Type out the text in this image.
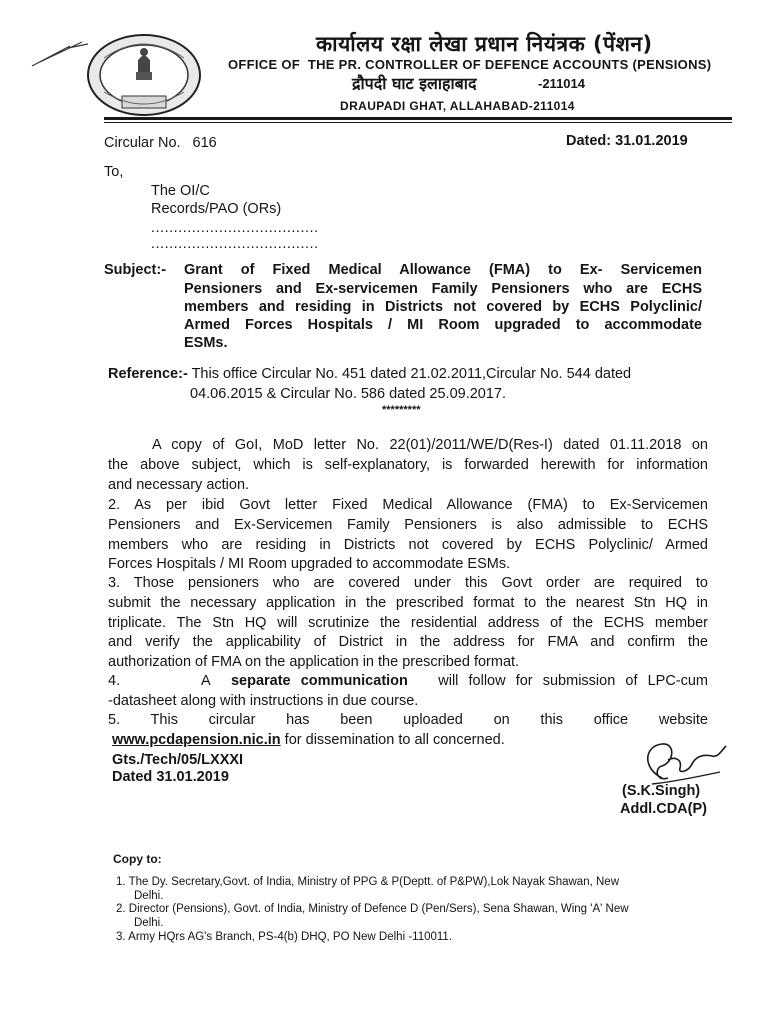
कार्यालय रक्षा लेखा प्रधान नियंत्रक (पेंशन)
OFFICE OF THE PR. CONTROLLER OF DEFENCE ACCOUNTS (PENSIONS)
द्रौपदी घाट इलाहाबाद	-211014
DRAUPADI GHAT, ALLAHABAD-211014
Circular No. 616	Dated: 31.01.2019
To,
The OI/C
Records/PAO (ORs)
.....................................
.....................................
Subject:- Grant of Fixed Medical Allowance (FMA) to Ex- Servicemen
Pensioners and Ex-servicemen Family Pensioners who are ECHS
members and residing in Districts not covered by ECHS Polyclinic/
Armed Forces Hospitals / MI Room upgraded to accommodate
ESMs.
Reference:- This office Circular No. 451 dated 21.02.2011,Circular No. 544 dated
04.06.2015 & Circular No. 586 dated 25.09.2017.
*********
A copy of GoI, MoD letter No. 22(01)/2011/WE/D(Res-I) dated 01.11.2018 on
the above subject, which is self-explanatory, is forwarded herewith for information
and necessary action.
2. As per ibid Govt letter Fixed Medical Allowance (FMA) to Ex-Servicemen
Pensioners and Ex-Servicemen Family Pensioners is also admissible to ECHS
members who are residing in Districts not covered by ECHS Polyclinic/ Armed
Forces Hospitals / MI Room upgraded to accommodate ESMs.
3. Those pensioners who are covered under this Govt order are required to
submit the necessary application in the prescribed format to the nearest Stn HQ in
triplicate. The Stn HQ will scrutinize the residential address of the ECHS member
and verify the applicability of District in the address for FMA and confirm the
authorization of FMA on the application in the prescribed format.
4.	A separate communication will follow for submission of LPC-cum
-datasheet along with instructions in due course.
5. This circular has been uploaded on this office website
www.pcdapension.nic.in for dissemination to all concerned.
Gts./Tech/05/LXXXI
Dated 31.01.2019
(S.K.Singh)
Addl.CDA(P)
Copy to:
1. The Dy. Secretary,Govt. of India, Ministry of PPG & P(Deptt. of P&PW),Lok Nayak Shawan, New
Delhi.
2. Director (Pensions), Govt. of India, Ministry of Defence D (Pen/Sers), Sena Shawan, Wing 'A' New
Delhi.
3. Army HQrs AG's Branch, PS-4(b) DHQ, PO New Delhi -110011.
